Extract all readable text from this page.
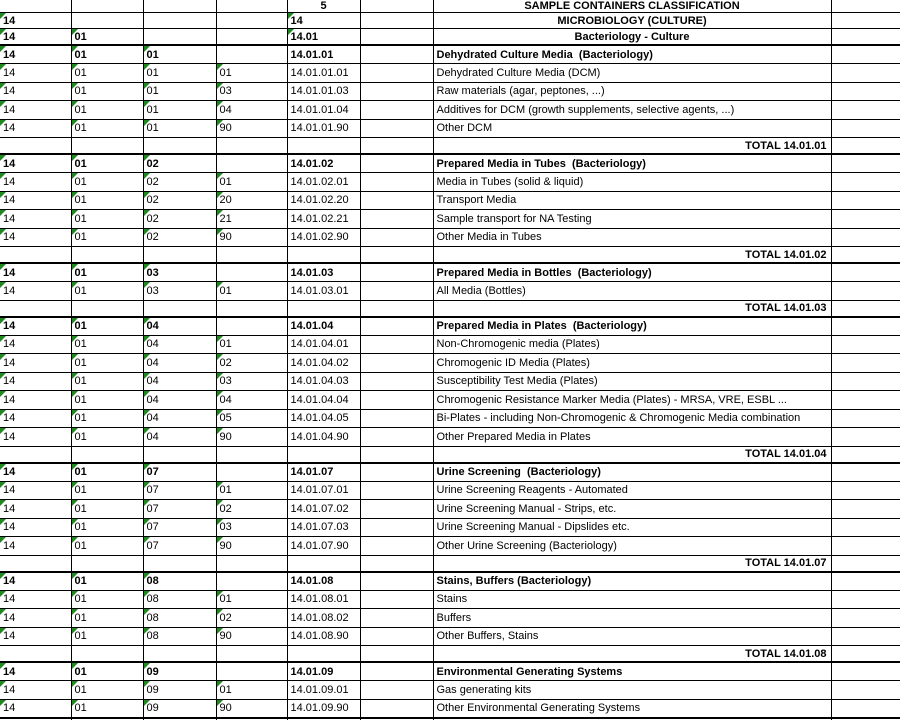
				5		SAMPLE CONTAINERS CLASSIFICATION	

14				14		MICROBIOLOGY (CULTURE)	

14	01			14.01		Bacteriology - Culture	

14	01	01		14.01.01		Dehydrated Culture Media  (Bacteriology)	

14	01	01	01	14.01.01.01		Dehydrated Culture Media (DCM)	

14	01	01	03	14.01.01.03		Raw materials (agar, peptones, ...)	

14	01	01	04	14.01.01.04		Additives for DCM (growth supplements, selective agents, ...)	

14	01	01	90	14.01.01.90		Other DCM	
						TOTAL 14.01.01	

14	01	02		14.01.02		Prepared Media in Tubes  (Bacteriology)	

14	01	02	01	14.01.02.01		Media in Tubes (solid & liquid)	

14	01	02	20	14.01.02.20		Transport Media	

14	01	02	21	14.01.02.21		Sample transport for NA Testing	

14	01	02	90	14.01.02.90		Other Media in Tubes	
						TOTAL 14.01.02	

14	01	03		14.01.03		Prepared Media in Bottles  (Bacteriology)	

14	01	03	01	14.01.03.01		All Media (Bottles)	
						TOTAL 14.01.03	

14	01	04		14.01.04		Prepared Media in Plates  (Bacteriology)	

14	01	04	01	14.01.04.01		Non-Chromogenic media (Plates)	

14	01	04	02	14.01.04.02		Chromogenic ID Media (Plates)	

14	01	04	03	14.01.04.03		Susceptibility Test Media (Plates)	

14	01	04	04	14.01.04.04		Chromogenic Resistance Marker Media (Plates) - MRSA, VRE, ESBL ...	

14	01	04	05	14.01.04.05		Bi-Plates - including Non-Chromogenic & Chromogenic Media combination	

14	01	04	90	14.01.04.90		Other Prepared Media in Plates	
						TOTAL 14.01.04	

14	01	07		14.01.07		Urine Screening  (Bacteriology)	

14	01	07	01	14.01.07.01		Urine Screening Reagents - Automated	

14	01	07	02	14.01.07.02		Urine Screening Manual - Strips, etc.	

14	01	07	03	14.01.07.03		Urine Screening Manual - Dipslides etc.	

14	01	07	90	14.01.07.90		Other Urine Screening (Bacteriology)	
						TOTAL 14.01.07	

14	01	08		14.01.08		Stains, Buffers (Bacteriology)	

14	01	08	01	14.01.08.01		Stains	

14	01	08	02	14.01.08.02		Buffers	

14	01	08	90	14.01.08.90		Other Buffers, Stains	
						TOTAL 14.01.08	

14	01	09		14.01.09		Environmental Generating Systems	

14	01	09	01	14.01.09.01		Gas generating kits	

14	01	09	90	14.01.09.90		Other Environmental Generating Systems	
